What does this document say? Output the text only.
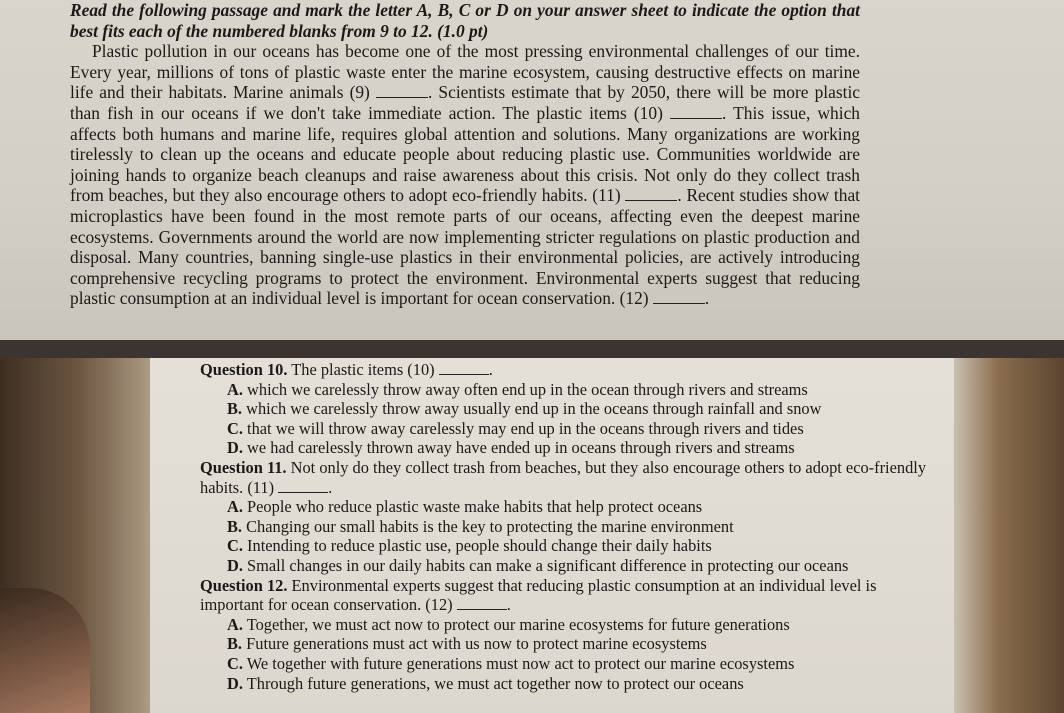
Read the following passage and mark the letter A, B, C or D on your answer sheet to indicate the option that best fits each of the numbered blanks from 9 to 12. (1.0 pt)

Plastic pollution in our oceans has become one of the most pressing environmental challenges of our time. Every year, millions of tons of plastic waste enter the marine ecosystem, causing destructive effects on marine life and their habitats. Marine animals (9)	. Scientists estimate that by 2050, there will be more plastic than fish in our oceans if we don't take immediate action. The plastic items (10)	. This issue, which affects both humans and marine life, requires global attention and solutions. Many organizations are working tirelessly to clean up the oceans and educate people about reducing plastic use. Communities worldwide are joining hands to organize beach cleanups and raise awareness about this crisis. Not only do they collect trash from beaches, but they also encourage others to adopt eco-friendly habits. (11)	. Recent studies show that microplastics have been found in the most remote parts of our oceans, affecting even the deepest marine ecosystems. Governments around the world are now implementing stricter regulations on plastic production and disposal. Many countries, banning single-use plastics in their environmental policies, are actively introducing comprehensive recycling programs to protect the environment. Environmental experts suggest that reducing plastic consumption at an individual level is important for ocean conservation. (12)	.

Question 10. The plastic items (10)	.

A. which we carelessly throw away often end up in the ocean through rivers and streams

B. which we carelessly throw away usually end up in the oceans through rainfall and snow

C. that we will throw away carelessly may end up in the oceans through rivers and tides

D. we had carelessly thrown away have ended up in oceans through rivers and streams

Question 11. Not only do they collect trash from beaches, but they also encourage others to adopt eco-friendly habits. (11)	.

A. People who reduce plastic waste make habits that help protect oceans

B. Changing our small habits is the key to protecting the marine environment

C. Intending to reduce plastic use, people should change their daily habits

D. Small changes in our daily habits can make a significant difference in protecting our oceans

Question 12. Environmental experts suggest that reducing plastic consumption at an individual level is important for ocean conservation. (12)	.

A. Together, we must act now to protect our marine ecosystems for future generations

B. Future generations must act with us now to protect marine ecosystems

C. We together with future generations must now act to protect our marine ecosystems

D. Through future generations, we must act together now to protect our oceans
